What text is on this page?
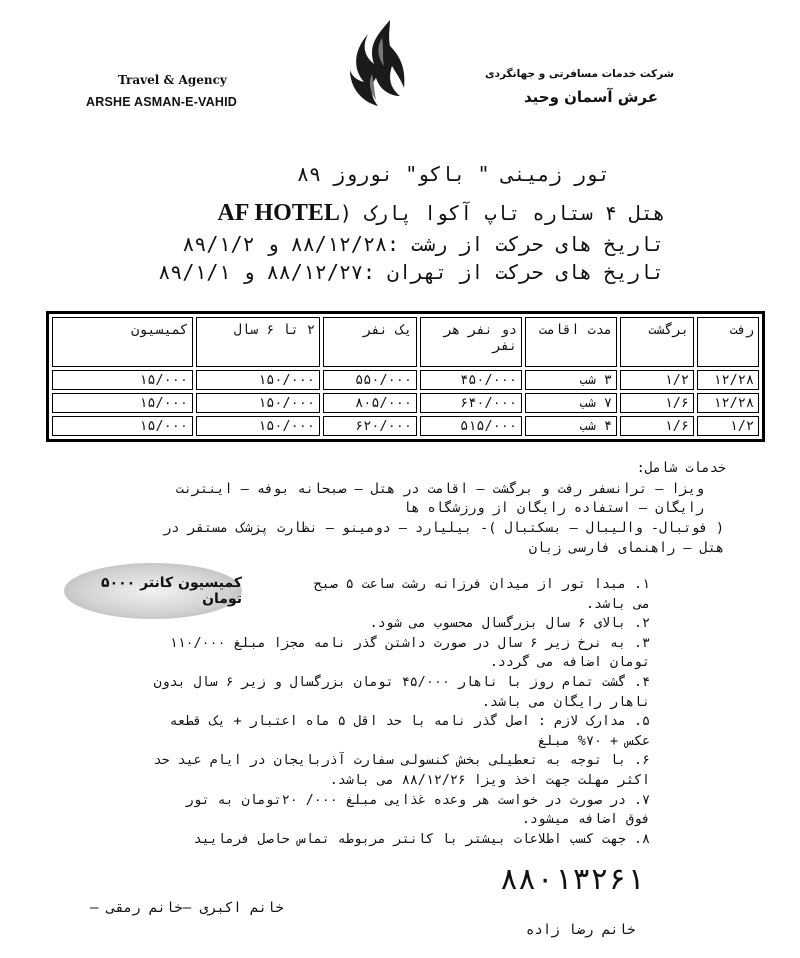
Travel & Agency
ARSHE ASMAN-E-VAHID
شرکت خدمات مسافرتی و جهانگردی
عرش آسمان وحید
تور زمینی " باکو" نوروز ۸۹
هتل ۴ ستاره تاپ آکوا پارک (AF HOTEL
تاریخ های حرکت از رشت :۸۸/۱۲/۲۸ و ۸۹/۱/۲
تاریخ های حرکت از تهران :۸۸/۱۲/۲۷ و ۸۹/۱/۱
رفت	برگشت	مدت اقامت	دو نفر هر نفر	یک نفر	۲ تا ۶ سال	کمیسیون
۱۲/۲۸	۱/۲	۳ شب	۴۵۰/۰۰۰	۵۵۰/۰۰۰	۱۵۰/۰۰۰	۱۵/۰۰۰
۱۲/۲۸	۱/۶	۷ شب	۶۴۰/۰۰۰	۸۰۵/۰۰۰	۱۵۰/۰۰۰	۱۵/۰۰۰
۱/۲	۱/۶	۴ شب	۵۱۵/۰۰۰	۶۲۰/۰۰۰	۱۵۰/۰۰۰	۱۵/۰۰۰
خدمات شامل:
ویزا – ترانسفر رفت و برگشت – اقامت در هتل – صبحانه بوفه – اینترنت
رایگان – استفاده رایگان از ورزشگاه ها
( فوتبال- والیبال – بسکتبال )- بیلیارد – دومینو – نظارت پزشک مستقر در
هتل – راهنمای فارسی زبان
کمیسیون کانتر ۵۰۰۰ تومان
۱. مبدا تور از میدان فرزانه رشت ساعت ۵ صبح
می باشد.
۲. بالای ۶ سال بزرگسال محسوب می شود.
۳. به نرخ زیر ۶ سال در صورت داشتن گذر نامه مجزا مبلغ ۱۱۰/۰۰۰
تومان اضافه می گردد.
۴. گشت تمام روز با ناهار ۴۵/۰۰۰ تومان بزرگسال و زیر ۶ سال بدون
ناهار رایگان می باشد.
۵. مدارک لازم : اصل گذر نامه با حد اقل ۵ ماه اعتبار + یک قطعه
عکس + ۷۰% مبلغ
۶. با توجه به تعطیلی بخش کنسولی سفارت آذربایجان در ایام عید حد
اکثر مهلت جهت اخذ ویزا ۸۸/۱۲/۲۶ می باشد.
۷. در صورت در خواست هر وعده غذایی مبلغ ۰۰۰/ ۲۰تومان به تور
فوق اضافه میشود.
۸. جهت کسب اطلاعات بیشتر با کانتر مربوطه تماس حاصل فرمایید
۸۸۰۱۳۲۶۱
خانم اکبری –خانم رمقی –
خانم رضا زاده
